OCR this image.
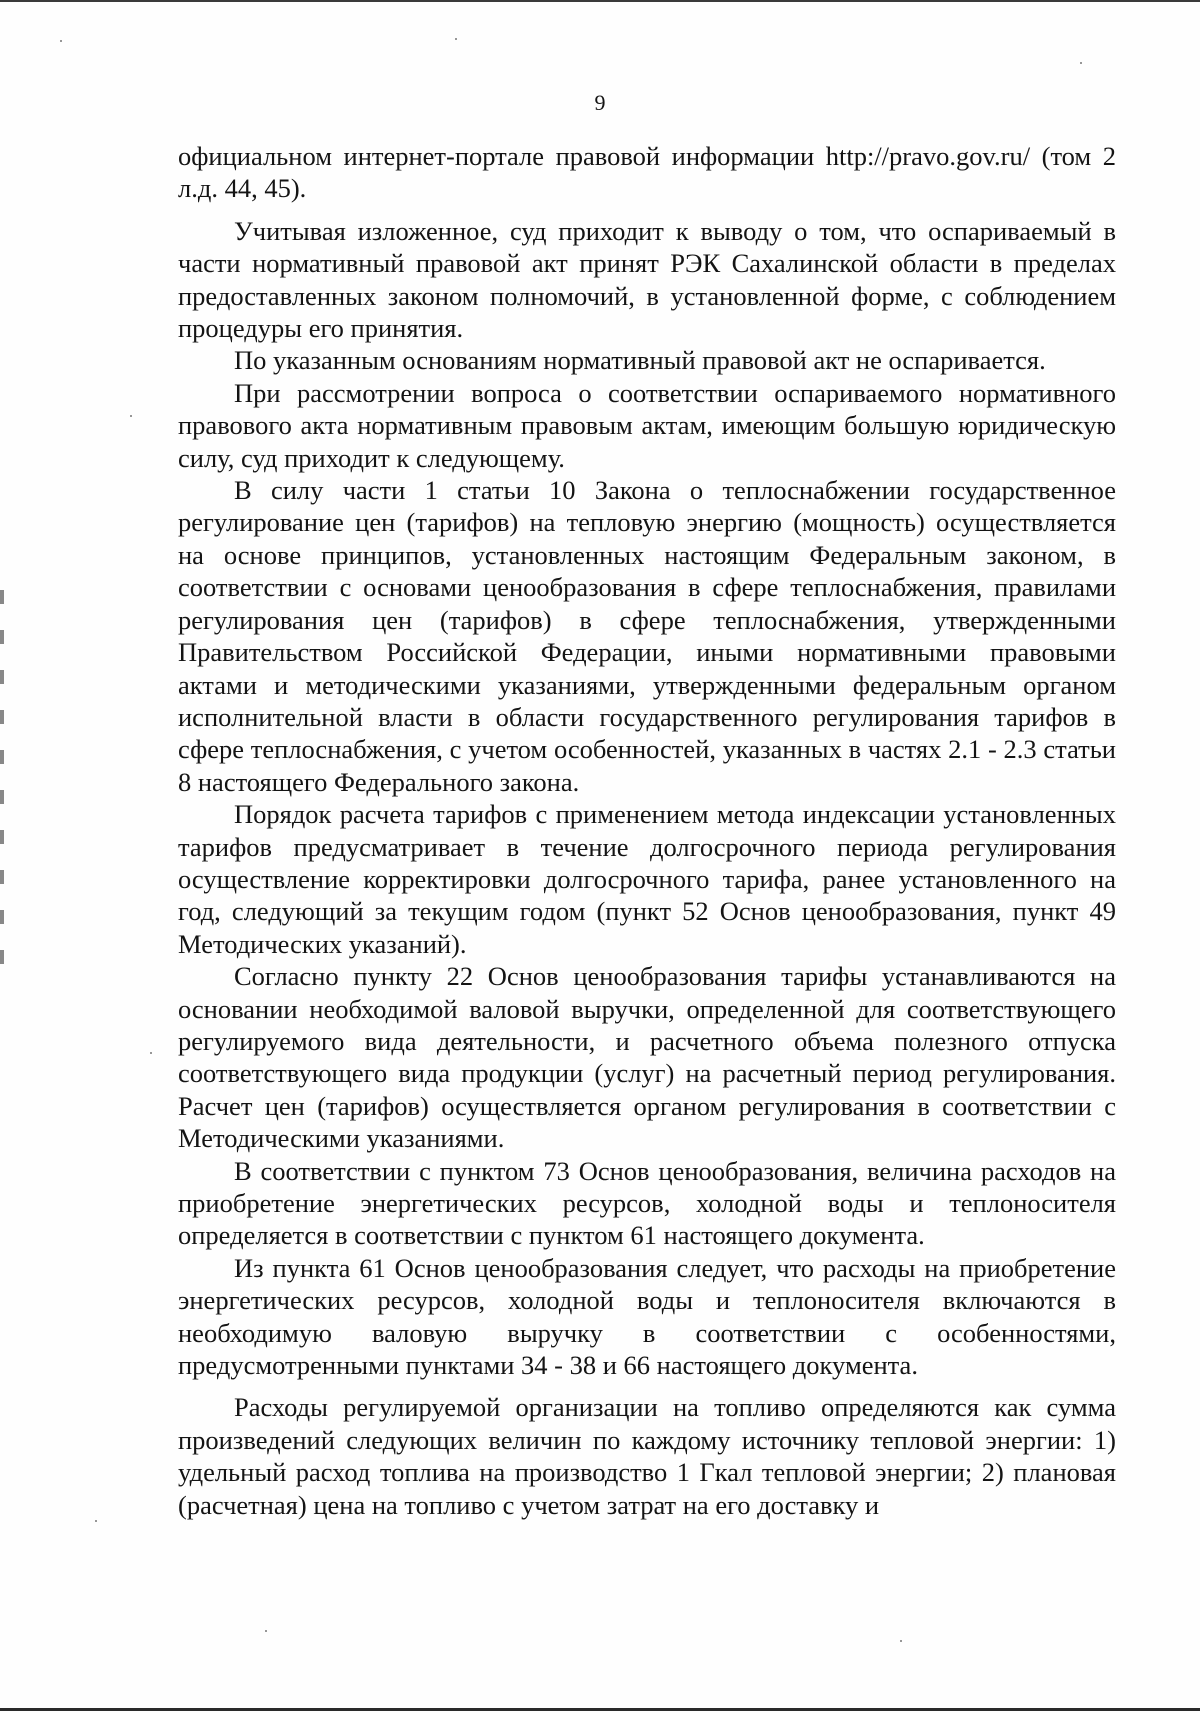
9

официальном интернет-портале правовой информации http://pravo.gov.ru/ (том 2 л.д. 44, 45).

Учитывая изложенное, суд приходит к выводу о том, что оспариваемый в части нормативный правовой акт принят РЭК Сахалинской области в пределах предоставленных законом полномочий, в установленной форме, с соблюдением процедуры его принятия.

По указанным основаниям нормативный правовой акт не оспаривается.

При рассмотрении вопроса о соответствии оспариваемого нормативного правового акта нормативным правовым актам, имеющим большую юридическую силу, суд приходит к следующему.

В силу части 1 статьи 10 Закона о теплоснабжении государственное регулирование цен (тарифов) на тепловую энергию (мощность) осуществляется на основе принципов, установленных настоящим Федеральным законом, в соответствии с основами ценообразования в сфере теплоснабжения, правилами регулирования цен (тарифов) в сфере теплоснабжения, утвержденными Правительством Российской Федерации, иными нормативными правовыми актами и методическими указаниями, утвержденными федеральным органом исполнительной власти в области государственного регулирования тарифов в сфере теплоснабжения, с учетом особенностей, указанных в частях 2.1 - 2.3 статьи 8 настоящего Федерального закона.

Порядок расчета тарифов с применением метода индексации установленных тарифов предусматривает в течение долгосрочного периода регулирования осуществление корректировки долгосрочного тарифа, ранее установленного на год, следующий за текущим годом (пункт 52 Основ ценообразования, пункт 49 Методических указаний).

Согласно пункту 22 Основ ценообразования тарифы устанавливаются на основании необходимой валовой выручки, определенной для соответствующего регулируемого вида деятельности, и расчетного объема полезного отпуска соответствующего вида продукции (услуг) на расчетный период регулирования. Расчет цен (тарифов) осуществляется органом регулирования в соответствии с Методическими указаниями.

В соответствии с пунктом 73 Основ ценообразования, величина расходов на приобретение энергетических ресурсов, холодной воды и теплоносителя определяется в соответствии с пунктом 61 настоящего документа.

Из пункта 61 Основ ценообразования следует, что расходы на приобретение энергетических ресурсов, холодной воды и теплоносителя включаются в необходимую валовую выручку в соответствии с особенностями, предусмотренными пунктами 34 - 38 и 66 настоящего документа.

Расходы регулируемой организации на топливо определяются как сумма произведений следующих величин по каждому источнику тепловой энергии: 1) удельный расход топлива на производство 1 Гкал тепловой энергии; 2) плановая (расчетная) цена на топливо с учетом затрат на его доставку и
